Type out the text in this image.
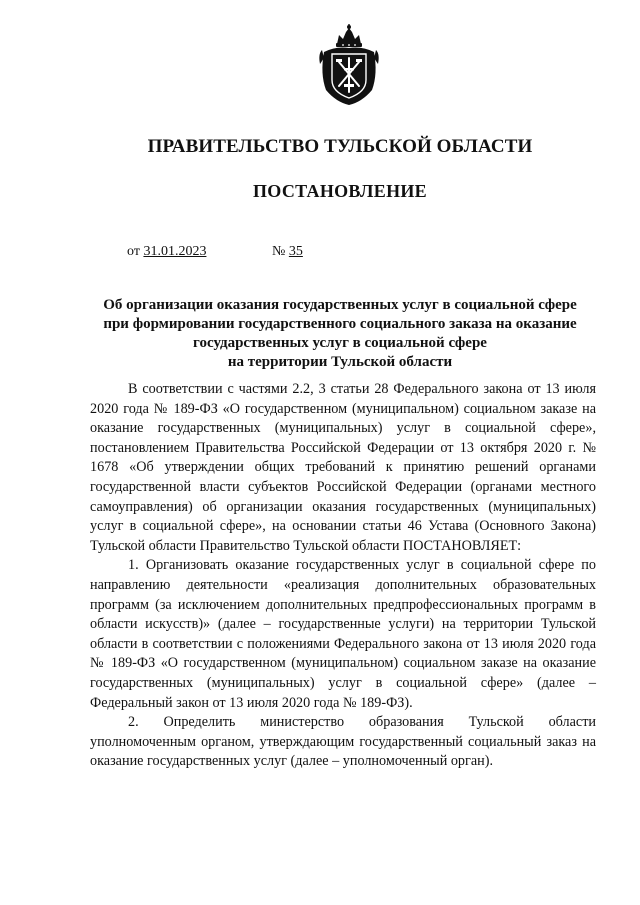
ПРАВИТЕЛЬСТВО ТУЛЬСКОЙ ОБЛАСТИ
ПОСТАНОВЛЕНИЕ
от 31.01.2023	№ 35
Об организации оказания государственных услуг в социальной сфере
при формировании государственного социального заказа на оказание
государственных услуг в социальной сфере
на территории Тульской области

В соответствии с частями 2.2, 3 статьи 28 Федерального закона от 13 июля 2020 года № 189-ФЗ «О государственном (муниципальном) социальном заказе на оказание государственных (муниципальных) услуг в социальной сфере», постановлением Правительства Российской Федерации от 13 октября 2020 г. № 1678 «Об утверждении общих требований к принятию решений органами государственной власти субъектов Российской Федерации (органами местного самоуправления) об организации оказания государственных (муниципальных) услуг в социальной сфере», на основании статьи 46 Устава (Основного Закона) Тульской области Правительство Тульской области ПОСТАНОВЛЯЕТ:

1. Организовать оказание государственных услуг в социальной сфере по направлению деятельности «реализация дополнительных образовательных программ (за исключением дополнительных предпрофессиональных программ в области искусств)» (далее – государственные услуги) на территории Тульской области в соответствии с положениями Федерального закона от 13 июля 2020 года № 189-ФЗ «О государственном (муниципальном) социальном заказе на оказание государственных (муниципальных) услуг в социальной сфере» (далее – Федеральный закон от 13 июля 2020 года № 189-ФЗ).

2. Определить министерство образования Тульской области уполномоченным органом, утверждающим государственный социальный заказ на оказание государственных услуг (далее – уполномоченный орган).
